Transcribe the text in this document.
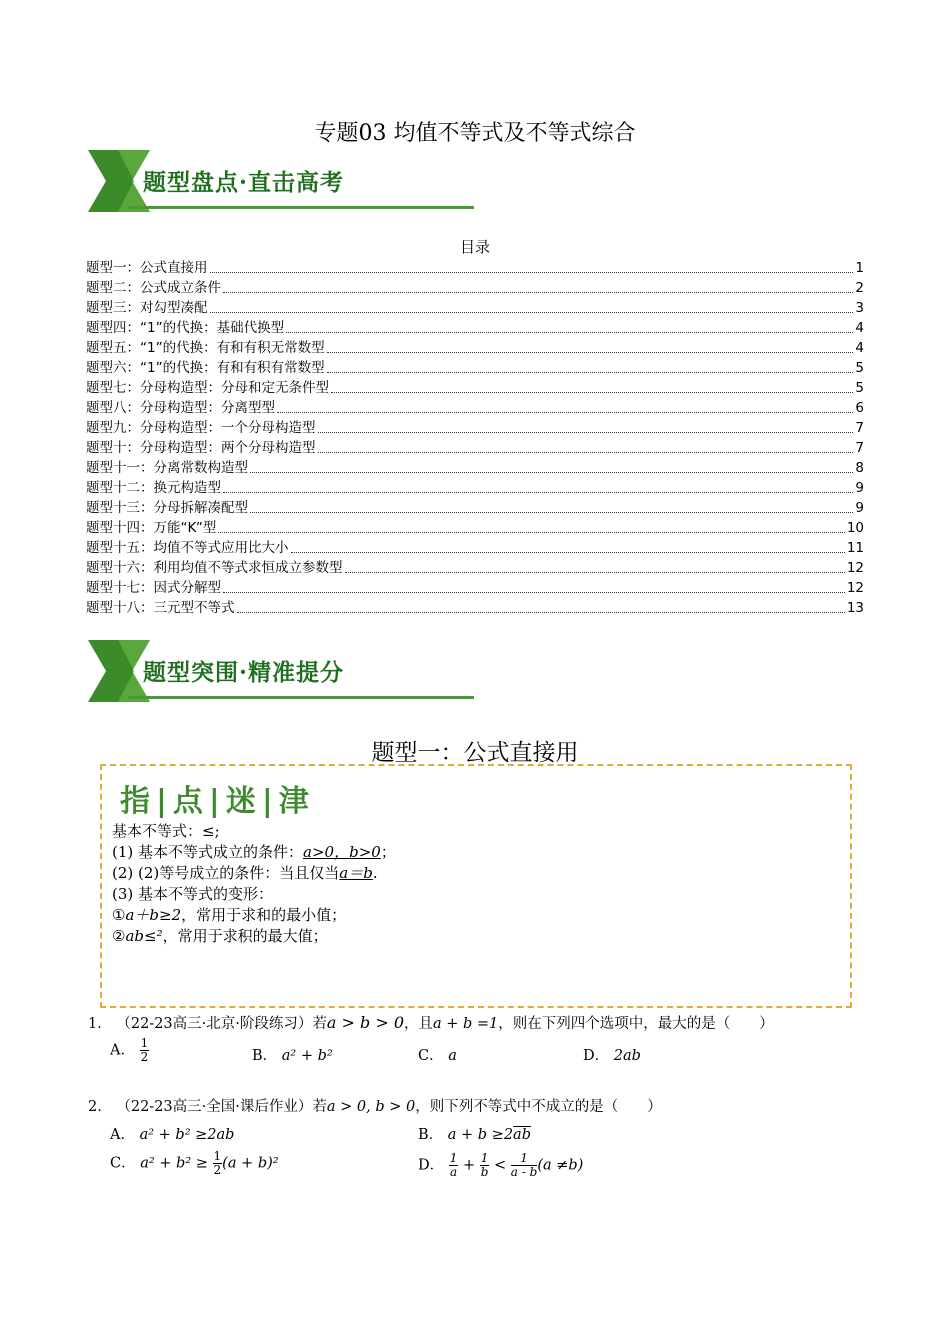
专题03 均值不等式及不等式综合
题型盘点·直击高考
目录
题型一：公式直接用	1
题型二：公式成立条件	2
题型三：对勾型凑配	3
题型四：“1”的代换：基础代换型	4
题型五：“1”的代换：有和有积无常数型	4
题型六：“1”的代换：有和有积有常数型	5
题型七：分母构造型：分母和定无条件型	5
题型八：分母构造型：分离型型	6
题型九：分母构造型：一个分母构造型	7
题型十：分母构造型：两个分母构造型	7
题型十一：分离常数构造型	8
题型十二：换元构造型	9
题型十三：分母拆解凑配型	9
题型十四：万能“K”型	10
题型十五：均值不等式应用比大小	11
题型十六：利用均值不等式求恒成立参数型	12
题型十七：因式分解型	12
题型十八：三元型不等式	13
题型突围·精准提分
题型一：公式直接用
指|点|迷|津
基本不等式：≤;
(1) 基本不等式成立的条件：a>0，b>0；
(2) (2)等号成立的条件：当且仅当a＝b.
(3) 基本不等式的变形：
①a＋b≥2，常用于求和的最小值；
②ab≤²，常用于求积的最大值；
1． （22-23高三·北京·阶段练习）若a > b > 0，且a + b =1，则在下列四个选项中，最大的是（　　）
A． $\frac{1}{2}$	B． a² + b²	C． a	D． 2ab
2． （22-23高三·全国·课后作业）若a > 0, b > 0，则下列不等式中不成立的是（　　）
A． a² + b² ≥2ab	B． a + b ≥2ab
C． $a^2 + b^2 \ge \frac{1}{2} (a + b)^2$	D． $\frac{1}{a} + \frac{1}{b} < \frac{1}{a - b} (a \ne b)$
